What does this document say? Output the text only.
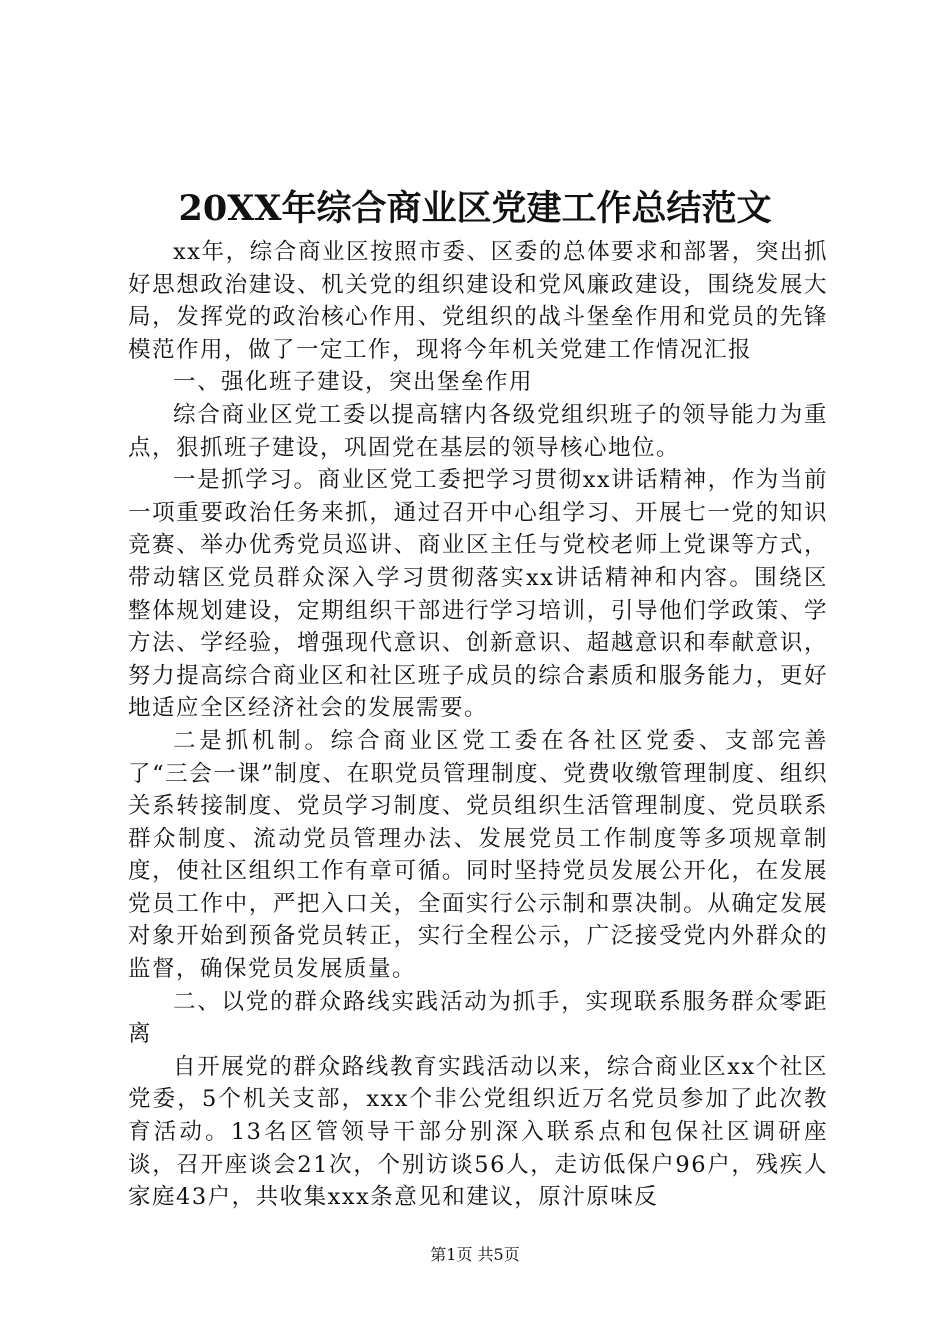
20XX年综合商业区党建工作总结范文

xx年，综合商业区按照市委、区委的总体要求和部署，突出抓好思想政治建设、机关党的组织建设和党风廉政建设，围绕发展大局，发挥党的政治核心作用、党组织的战斗堡垒作用和党员的先锋模范作用，做了一定工作，现将今年机关党建工作情况汇报

一、强化班子建设，突出堡垒作用

综合商业区党工委以提高辖内各级党组织班子的领导能力为重点，狠抓班子建设，巩固党在基层的领导核心地位。

一是抓学习。商业区党工委把学习贯彻xx讲话精神，作为当前一项重要政治任务来抓，通过召开中心组学习、开展七一党的知识竞赛、举办优秀党员巡讲、商业区主任与党校老师上党课等方式，带动辖区党员群众深入学习贯彻落实xx讲话精神和内容。围绕区整体规划建设，定期组织干部进行学习培训，引导他们学政策、学方法、学经验，增强现代意识、创新意识、超越意识和奉献意识，努力提高综合商业区和社区班子成员的综合素质和服务能力，更好地适应全区经济社会的发展需要。

二是抓机制。综合商业区党工委在各社区党委、支部完善了“三会一课”制度、在职党员管理制度、党费收缴管理制度、组织关系转接制度、党员学习制度、党员组织生活管理制度、党员联系群众制度、流动党员管理办法、发展党员工作制度等多项规章制度，使社区组织工作有章可循。同时坚持党员发展公开化，在发展党员工作中，严把入口关，全面实行公示制和票决制。从确定发展对象开始到预备党员转正，实行全程公示，广泛接受党内外群众的监督，确保党员发展质量。

二、以党的群众路线实践活动为抓手，实现联系服务群众零距离

自开展党的群众路线教育实践活动以来，综合商业区xx个社区党委，5个机关支部，xxx个非公党组织近万名党员参加了此次教育活动。13名区管领导干部分别深入联系点和包保社区调研座谈，召开座谈会21次，个别访谈56人，走访低保户96户，残疾人家庭43户，共收集xxx条意见和建议，原汁原味反

第1页 共5页
